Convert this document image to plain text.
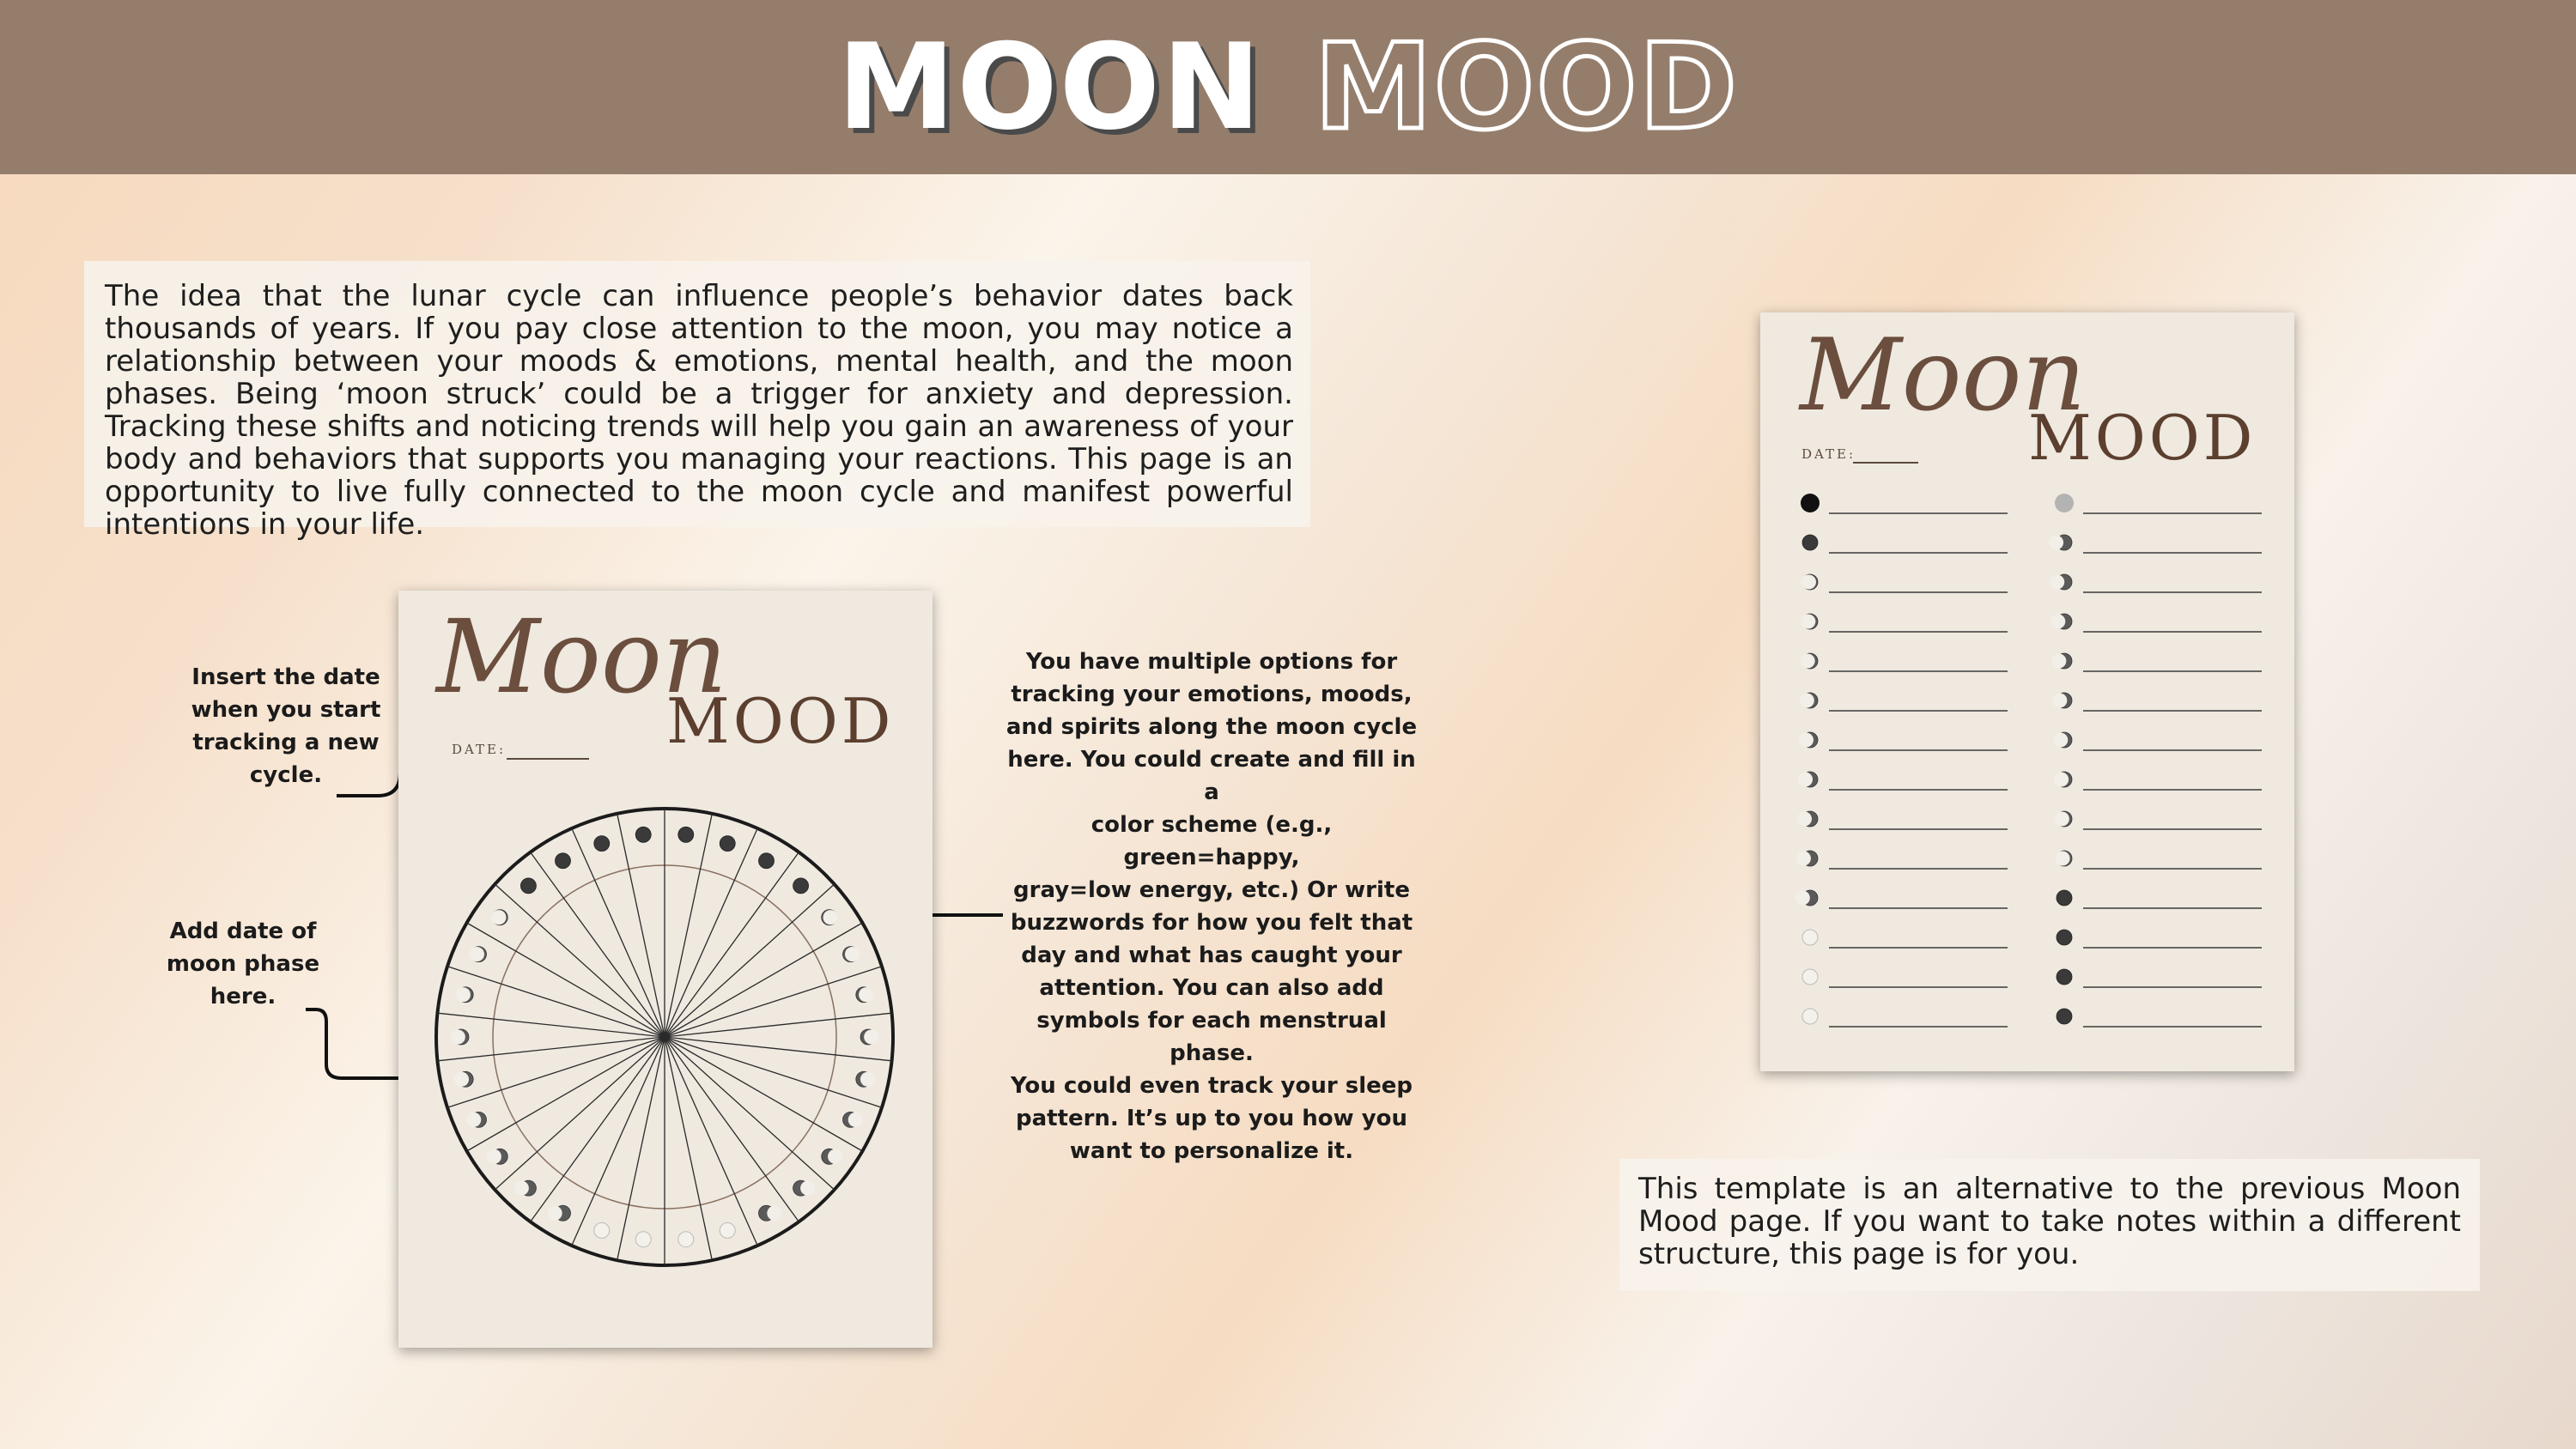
MOON MOOD
The idea that the lunar cycle can influence people’s behavior dates back thousands of years. If you pay close attention to the moon, you may notice a relationship between your moods & emotions, mental health, and the moon phases. Being ‘moon struck’ could be a trigger for anxiety and depression. Tracking these shifts and noticing trends will help you gain an awareness of your body and behaviors that supports you managing your reactions. This page is an opportunity to live fully connected to the moon cycle and manifest powerful intentions in your life.
Insert the date
when you start
tracking a new
cycle.
Add date of
moon phase
here.
You have multiple options for
tracking your emotions, moods,
and spirits along the moon cycle
here. You could create and fill in a
color scheme (e.g., green=happy,
gray=low energy, etc.) Or write
buzzwords for how you felt that
day and what has caught your
attention. You can also add
symbols for each menstrual phase.
You could even track your sleep
pattern. It’s up to you how you
want to personalize it.
Moon
MOOD
DATE:
Moon
MOOD
DATE:
This template is an alternative to the previous Moon Mood page. If you want to take notes within a different structure, this page is for you.
